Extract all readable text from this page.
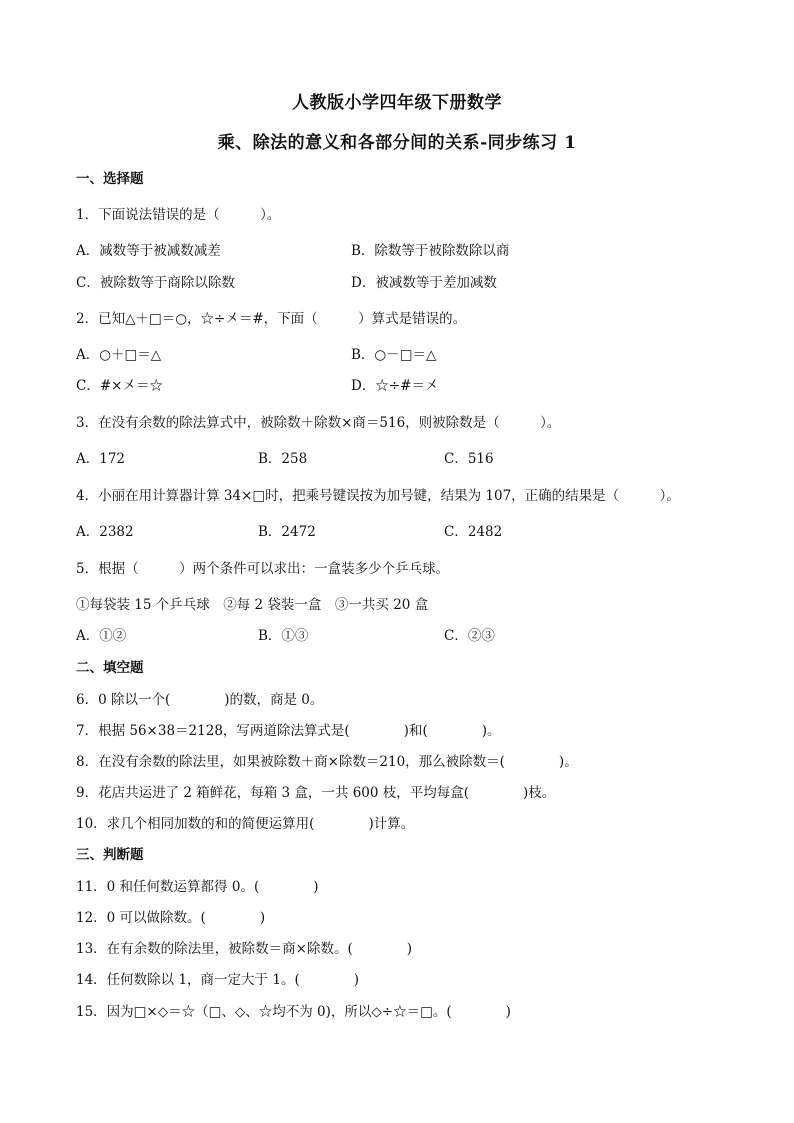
人教版小学四年级下册数学
乘、除法的意义和各部分间的关系-同步练习 1
一、选择题
1．下面说法错误的是（　　　）。
A．减数等于被减数减差	B．除数等于被除数除以商
C．被除数等于商除以除数	D．被减数等于差加减数
2．已知△＋□＝○，☆÷㐅＝#，下面（　　　）算式是错误的。
A．○＋□＝△	B．○－□＝△
C．#×㐅＝☆	D．☆÷#＝㐅
3．在没有余数的除法算式中，被除数＋除数×商＝516，则被除数是（　　　）。
A．172	B．258	C．516
4．小丽在用计算器计算 34×□时，把乘号键误按为加号键，结果为 107，正确的结果是（　　　）。
A．2382	B．2472	C．2482
5．根据（　　　）两个条件可以求出：一盒装多少个乒乓球。
①每袋装 15 个乒乓球　②每 2 袋装一盒　③一共买 20 盒
A．①②	B．①③	C．②③
二、填空题
6．0 除以一个(　　　　)的数，商是 0。
7．根据 56×38＝2128，写两道除法算式是(　　　　)和(　　　　)。
8．在没有余数的除法里，如果被除数＋商×除数＝210，那么被除数＝(　　　　)。
9．花店共运进了 2 箱鲜花，每箱 3 盒，一共 600 枝，平均每盒(　　　　)枝。
10．求几个相同加数的和的简便运算用(　　　　)计算。
三、判断题
11．0 和任何数运算都得 0。(　　　　)
12．0 可以做除数。(　　　　)
13．在有余数的除法里，被除数＝商×除数。(　　　　)
14．任何数除以 1，商一定大于 1。(　　　　)
15．因为□×◇＝☆（□、◇、☆均不为 0)，所以◇÷☆＝□。(　　　　)
